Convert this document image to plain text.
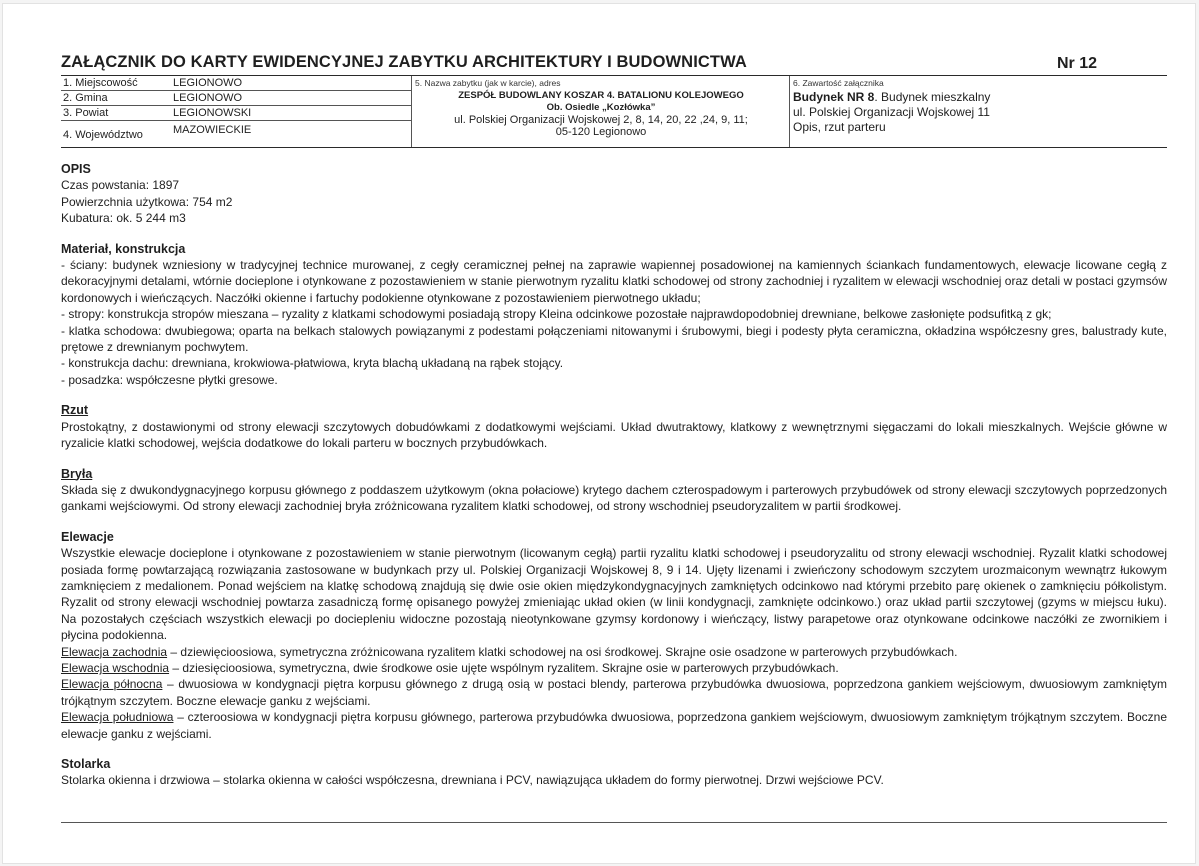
ZAŁĄCZNIK DO KARTY EWIDENCYJNEJ ZABYTKU ARCHITEKTURY I BUDOWNICTWA	Nr 12
1. Miejscowość	LEGIONOWO
2. Gmina	LEGIONOWO
3. Powiat	LEGIONOWSKI
4. Województwo	MAZOWIECKIE
5. Nazwa zabytku (jak w karcie), adres
ZESPÓŁ BUDOWLANY KOSZAR 4. BATALIONU KOLEJOWEGO
Ob. Osiedle „Kozłówka”
ul. Polskiej Organizacji Wojskowej 2, 8, 14, 20, 22 ,24, 9, 11;
05-120 Legionowo
6. Zawartość załącznika
Budynek NR 8. Budynek mieszkalny
ul. Polskiej Organizacji Wojskowej 11
Opis, rzut parteru
OPIS
Czas powstania: 1897
Powierzchnia użytkowa: 754 m2
Kubatura: ok. 5 244 m3
Materiał, konstrukcja

- ściany: budynek wzniesiony w tradycyjnej technice murowanej, z cegły ceramicznej pełnej na zaprawie wapiennej posadowionej na kamiennych ściankach fundamentowych, elewacje licowane cegłą z dekoracyjnymi detalami, wtórnie docieplone i otynkowane z pozostawieniem w stanie pierwotnym ryzalitu klatki schodowej od strony zachodniej i ryzalitem w elewacji wschodniej oraz detali w postaci gzymsów kordonowych i wieńczących. Naczółki okienne i fartuchy podokienne otynkowane z pozostawieniem pierwotnego układu;

- stropy: konstrukcja stropów mieszana – ryzality z klatkami schodowymi posiadają stropy Kleina odcinkowe pozostałe najprawdopodobniej drewniane, belkowe zasłonięte podsufitką z gk;

- klatka schodowa: dwubiegowa; oparta na belkach stalowych powiązanymi z podestami połączeniami nitowanymi i śrubowymi, biegi i podesty płyta ceramiczna, okładzina współczesny gres, balustrady kute, prętowe z drewnianym pochwytem.

- konstrukcja dachu: drewniana, krokwiowa-płatwiowa, kryta blachą układaną na rąbek stojący.

- posadzka: współczesne płytki gresowe.

Rzut

Prostokątny, z dostawionymi od strony elewacji szczytowych dobudówkami z dodatkowymi wejściami. Układ dwutraktowy, klatkowy z wewnętrznymi sięgaczami do lokali mieszkalnych. Wejście główne w ryzalicie klatki schodowej, wejścia dodatkowe do lokali parteru w bocznych przybudówkach.

Bryła

Składa się z dwukondygnacyjnego korpusu głównego z poddaszem użytkowym (okna połaciowe) krytego dachem czterospadowym i parterowych przybudówek od strony elewacji szczytowych poprzedzonych gankami wejściowymi. Od strony elewacji zachodniej bryła zróżnicowana ryzalitem klatki schodowej, od strony wschodniej pseudoryzalitem w partii środkowej.

Elewacje

Wszystkie elewacje docieplone i otynkowane z pozostawieniem w stanie pierwotnym (licowanym cegłą) partii ryzalitu klatki schodowej i pseudoryzalitu od strony elewacji wschodniej. Ryzalit klatki schodowej posiada formę powtarzającą rozwiązania zastosowane w budynkach przy ul. Polskiej Organizacji Wojskowej 8, 9 i 14. Ujęty lizenami i zwieńczony schodowym szczytem urozmaiconym wewnątrz łukowym zamknięciem z medalionem. Ponad wejściem na klatkę schodową znajdują się dwie osie okien międzykondygnacyjnych zamkniętych odcinkowo nad którymi przebito parę okienek o zamknięciu półkolistym. Ryzalit od strony elewacji wschodniej powtarza zasadniczą formę opisanego powyżej zmieniając układ okien (w linii kondygnacji, zamknięte odcinkowo.) oraz układ partii szczytowej (gzyms w miejscu łuku). Na pozostałych częściach wszystkich elewacji po dociepleniu widoczne pozostają nieotynkowane gzymsy kordonowy i wieńczący, listwy parapetowe oraz otynkowane odcinkowe naczółki ze zwornikiem i płycina podokienna.

Elewacja zachodnia – dziewięcioosiowa, symetryczna zróżnicowana ryzalitem klatki schodowej na osi środkowej. Skrajne osie osadzone w parterowych przybudówkach.

Elewacja wschodnia – dziesięcioosiowa, symetryczna, dwie środkowe osie ujęte wspólnym ryzalitem. Skrajne osie w parterowych przybudówkach.

Elewacja północna – dwuosiowa w kondygnacji piętra korpusu głównego z drugą osią w postaci blendy, parterowa przybudówka dwuosiowa, poprzedzona gankiem wejściowym, dwuosiowym zamkniętym trójkątnym szczytem. Boczne elewacje ganku z wejściami.

Elewacja południowa – czteroosiowa w kondygnacji piętra korpusu głównego, parterowa przybudówka dwuosiowa, poprzedzona gankiem wejściowym, dwuosiowym zamkniętym trójkątnym szczytem. Boczne elewacje ganku z wejściami.

Stolarka

Stolarka okienna i drzwiowa – stolarka okienna w całości współczesna, drewniana i PCV, nawiązująca układem do formy pierwotnej. Drzwi wejściowe PCV.
